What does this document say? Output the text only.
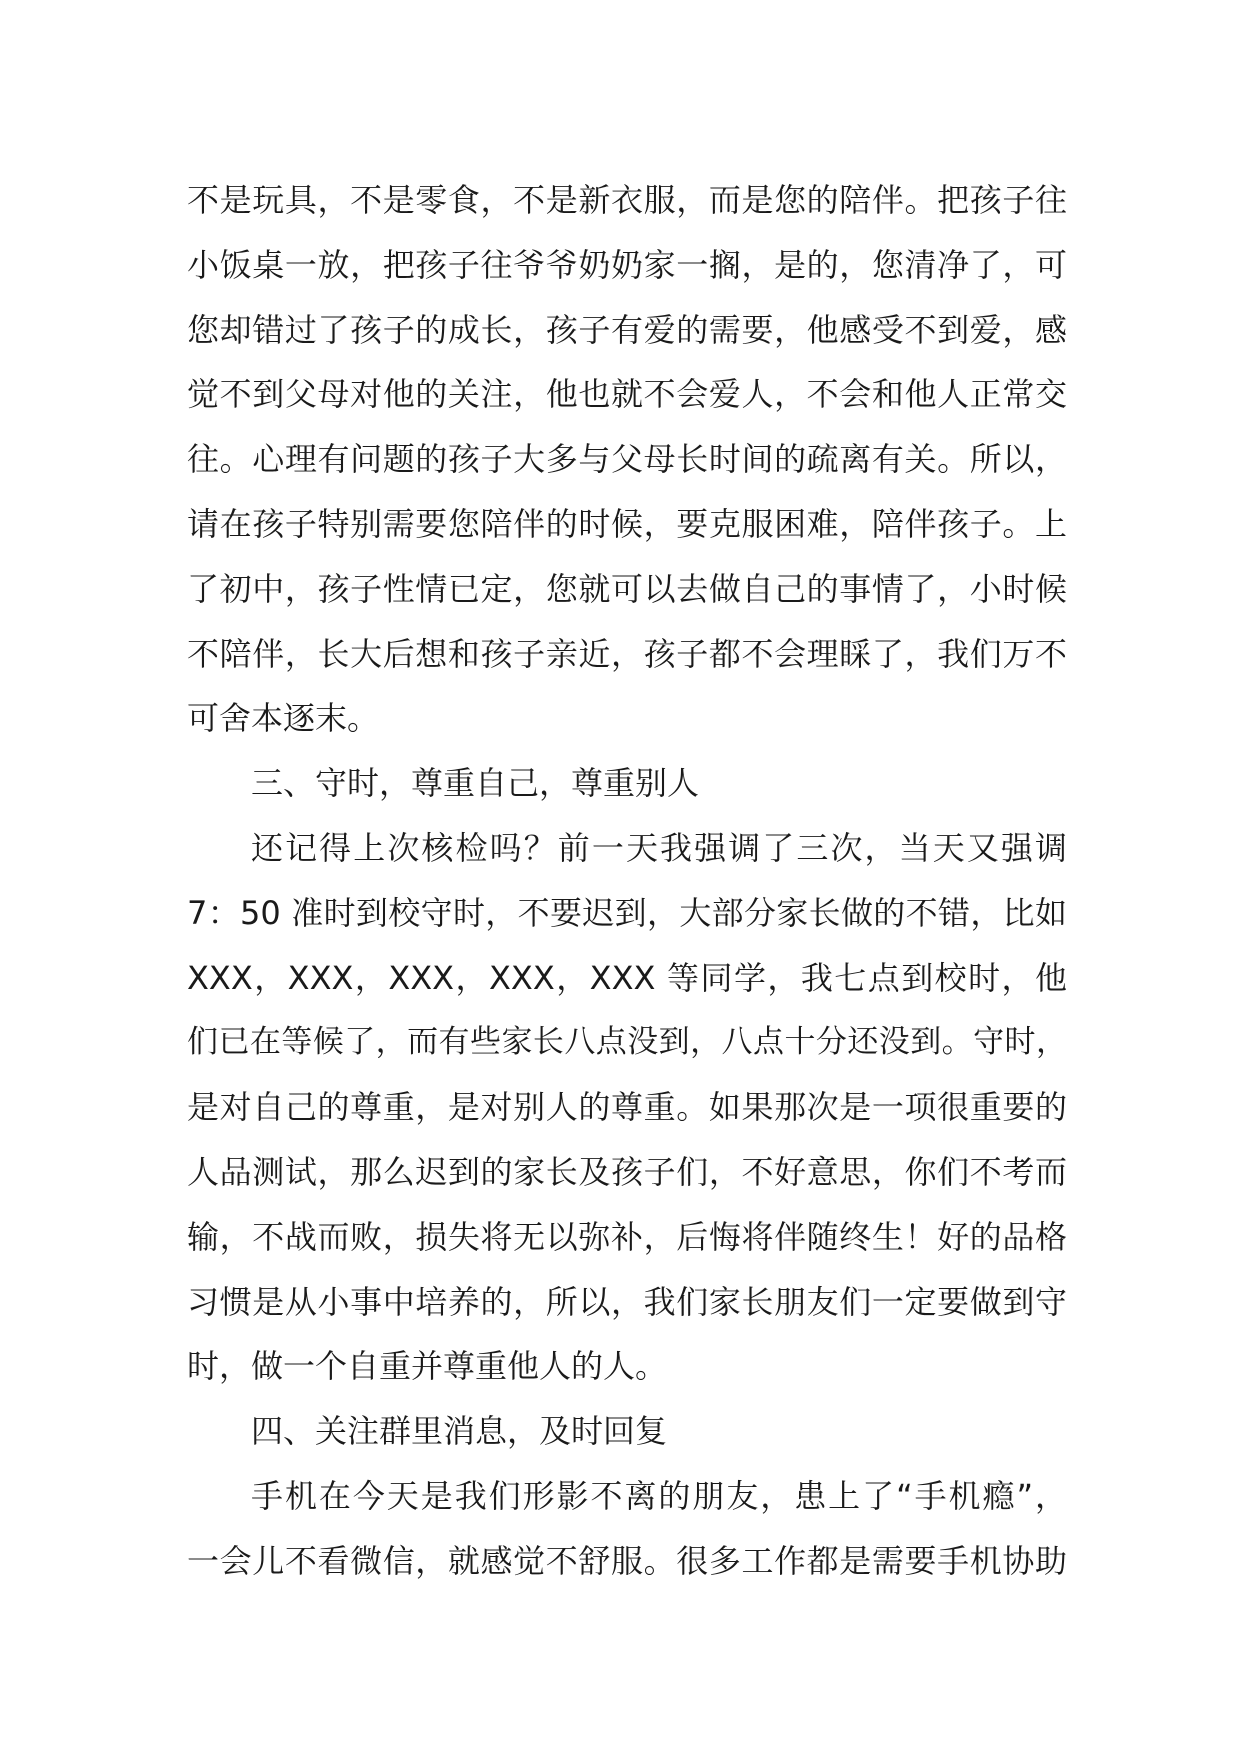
不是玩具，不是零食，不是新衣服，而是您的陪伴。把孩子往
小饭桌一放，把孩子往爷爷奶奶家一搁，是的，您清净了，可
您却错过了孩子的成长，孩子有爱的需要，他感受不到爱，感
觉不到父母对他的关注，他也就不会爱人，不会和他人正常交
往。心理有问题的孩子大多与父母长时间的疏离有关。所以，
请在孩子特别需要您陪伴的时候，要克服困难，陪伴孩子。上
了初中，孩子性情已定，您就可以去做自己的事情了，小时候
不陪伴，长大后想和孩子亲近，孩子都不会理睬了，我们万不
可舍本逐末。
三、守时，尊重自己，尊重别人
还记得上次核检吗？前一天我强调了三次，当天又强调
7：50 准时到校守时，不要迟到，大部分家长做的不错，比如
XXX，XXX，XXX，XXX，XXX 等同学，我七点到校时，他
们已在等候了，而有些家长八点没到，八点十分还没到。守时，
是对自己的尊重，是对别人的尊重。如果那次是一项很重要的
人品测试，那么迟到的家长及孩子们，不好意思，你们不考而
输，不战而败，损失将无以弥补，后悔将伴随终生！好的品格
习惯是从小事中培养的，所以，我们家长朋友们一定要做到守
时，做一个自重并尊重他人的人。
四、关注群里消息，及时回复
手机在今天是我们形影不离的朋友，患上了“手机瘾”，
一会儿不看微信，就感觉不舒服。很多工作都是需要手机协助
